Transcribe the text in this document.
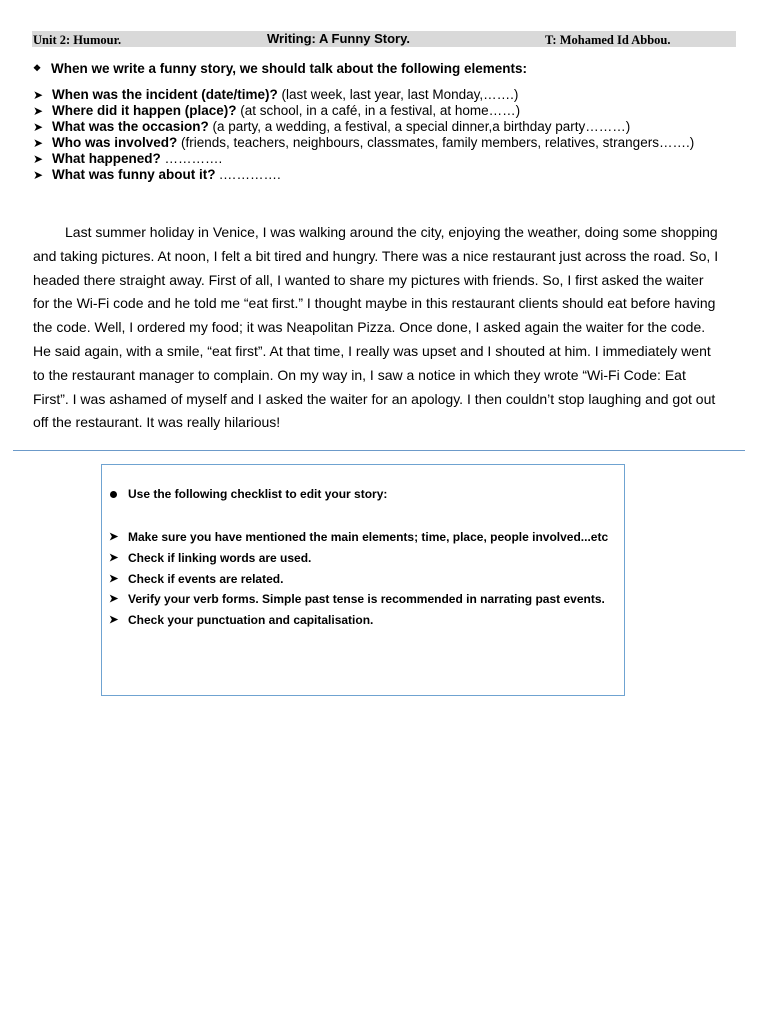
Unit 2: Humour.	Writing: A Funny Story.	T: Mohamed Id Abbou.
❖ When we write a funny story, we should talk about the following elements:
➤ When was the incident (date/time)? (last week, last year, last Monday,…….)
➤ Where did it happen (place)? (at school, in a café, in a festival, at home……)
➤ What was the occasion? (a party, a wedding, a festival, a special dinner,a birthday party………)
➤ Who was involved? (friends, teachers, neighbours, classmates, family members, relatives, strangers…….)
➤ What happened? ………….
➤ What was funny about it? .………….

Last summer holiday in Venice, I was walking around the city, enjoying the weather, doing some shopping and taking pictures. At noon, I felt a bit tired and hungry. There was a nice restaurant just across the road. So, I headed there straight away. First of all, I wanted to share my pictures with friends. So, I first asked the waiter for the Wi-Fi code and he told me “eat first.” I thought maybe in this restaurant clients should eat before having the code. Well, I ordered my food; it was Neapolitan Pizza. Once done, I asked again the waiter for the code. He said again, with a smile, “eat first”. At that time, I really was upset and I shouted at him. I immediately went to the restaurant manager to complain. On my way in, I saw a notice in which they wrote “Wi-Fi Code: Eat First”. I was ashamed of myself and I asked the waiter for an apology. I then couldn’t stop laughing and got out off the restaurant. It was really hilarious!

Use the following checklist to edit your story:
➤ Make sure you have mentioned the main elements; time, place, people involved...etc
➤ Check if linking words are used.
➤ Check if events are related.
➤ Verify your verb forms. Simple past tense is recommended in narrating past events.
➤ Check your punctuation and capitalisation.
